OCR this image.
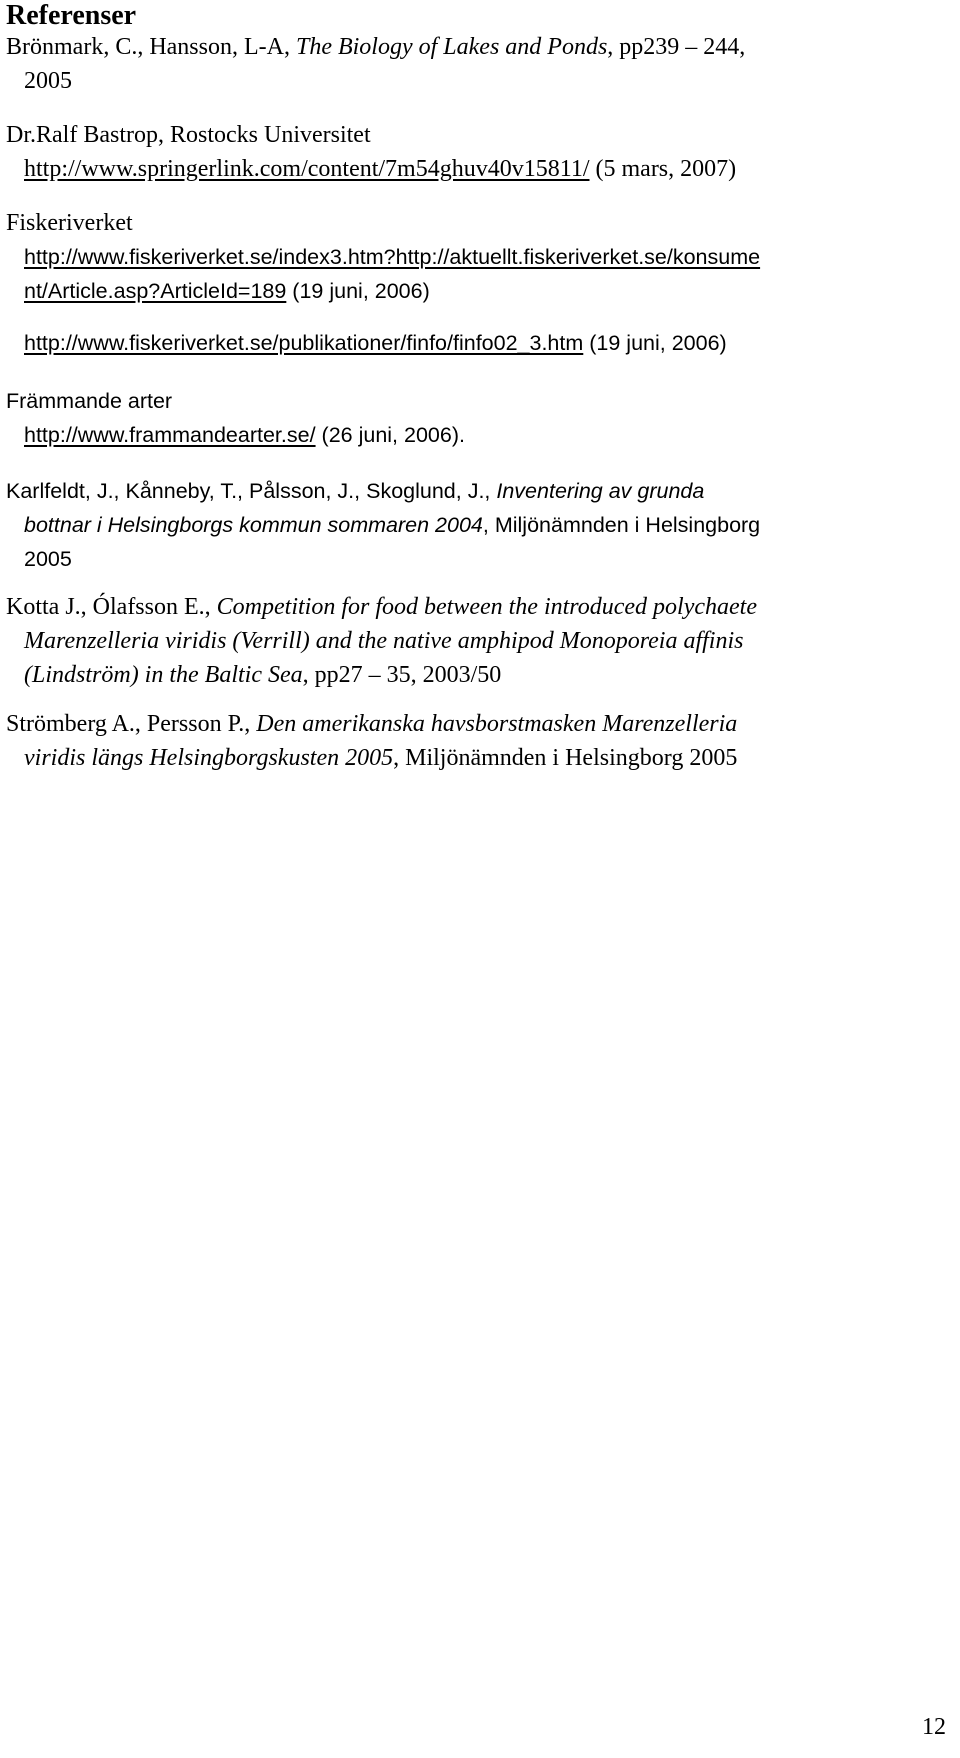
Referenser
Brönmark, C., Hansson, L-A, The Biology of Lakes and Ponds, pp239 – 244,
2005
Dr.Ralf Bastrop, Rostocks Universitet
http://www.springerlink.com/content/7m54ghuv40v15811/ (5 mars, 2007)
Fiskeriverket
http://www.fiskeriverket.se/index3.htm?http://aktuellt.fiskeriverket.se/konsume
nt/Article.asp?ArticleId=189 (19 juni, 2006)
http://www.fiskeriverket.se/publikationer/finfo/finfo02_3.htm (19 juni, 2006)
Främmande arter
http://www.frammandearter.se/ (26 juni, 2006).
Karlfeldt, J., Kånneby, T., Pålsson, J., Skoglund, J., Inventering av grunda
bottnar i Helsingborgs kommun sommaren 2004, Miljönämnden i Helsingborg
2005
Kotta J., Ólafsson E., Competition for food between the introduced polychaete
Marenzelleria viridis (Verrill) and the native amphipod Monoporeia affinis
(Lindström) in the Baltic Sea, pp27 – 35, 2003/50
Strömberg A., Persson P., Den amerikanska havsborstmasken Marenzelleria
viridis längs Helsingborgskusten 2005, Miljönämnden i Helsingborg 2005
12
